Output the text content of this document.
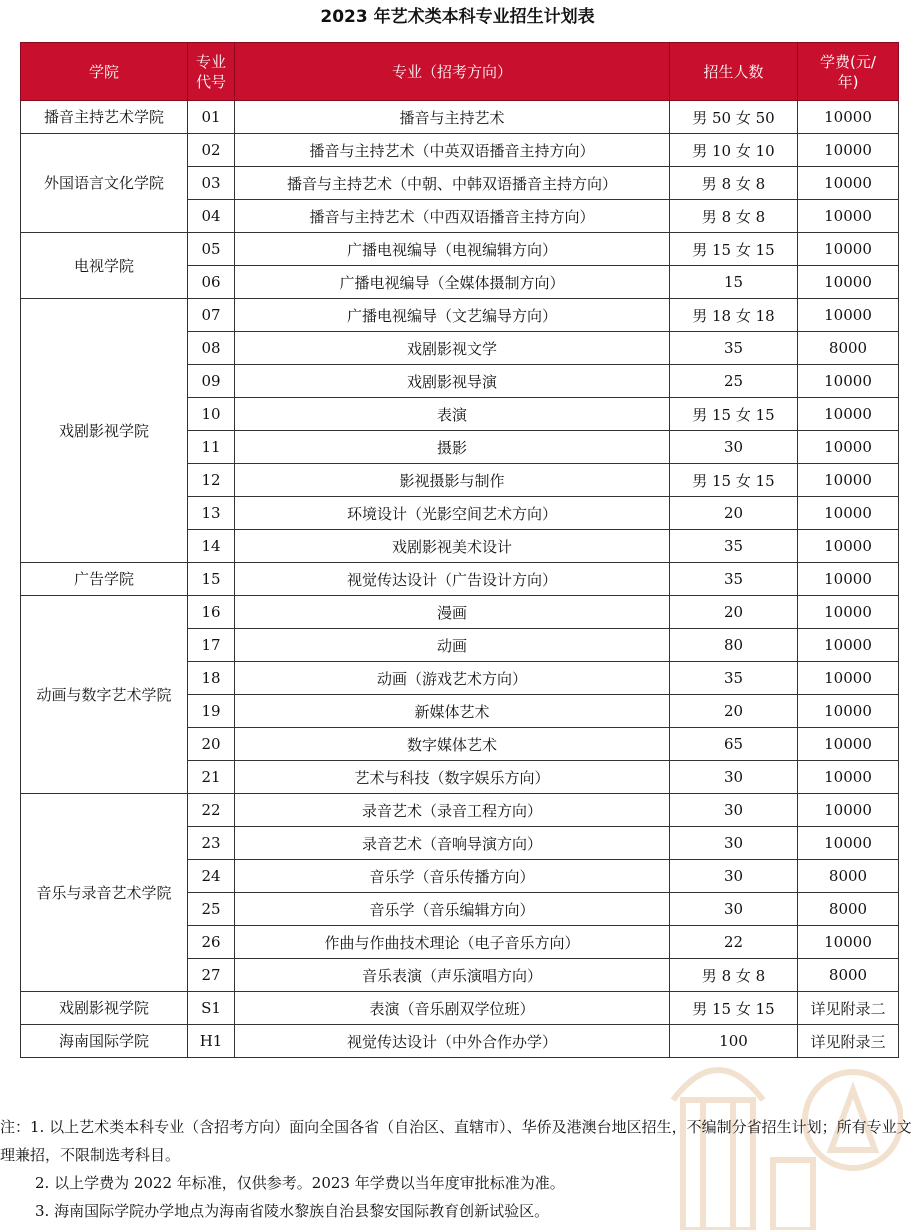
2023 年艺术类本科专业招生计划表
学院	专业代号	专业（招考方向）	招生人数	学费(元/年)
播音主持艺术学院	01	播音与主持艺术	男 50 女 50	10000
外国语言文化学院	02	播音与主持艺术（中英双语播音主持方向）	男 10 女 10	10000
	03	播音与主持艺术（中朝、中韩双语播音主持方向）	男 8 女 8	10000
	04	播音与主持艺术（中西双语播音主持方向）	男 8 女 8	10000
电视学院	05	广播电视编导（电视编辑方向）	男 15 女 15	10000
	06	广播电视编导（全媒体摄制方向）	15	10000
戏剧影视学院	07	广播电视编导（文艺编导方向）	男 18 女 18	10000
	08	戏剧影视文学	35	8000
	09	戏剧影视导演	25	10000
	10	表演	男 15 女 15	10000
	11	摄影	30	10000
	12	影视摄影与制作	男 15 女 15	10000
	13	环境设计（光影空间艺术方向）	20	10000
	14	戏剧影视美术设计	35	10000
广告学院	15	视觉传达设计（广告设计方向）	35	10000
动画与数字艺术学院	16	漫画	20	10000
	17	动画	80	10000
	18	动画（游戏艺术方向）	35	10000
	19	新媒体艺术	20	10000
	20	数字媒体艺术	65	10000
	21	艺术与科技（数字娱乐方向）	30	10000
音乐与录音艺术学院	22	录音艺术（录音工程方向）	30	10000
	23	录音艺术（音响导演方向）	30	10000
	24	音乐学（音乐传播方向）	30	8000
	25	音乐学（音乐编辑方向）	30	8000
	26	作曲与作曲技术理论（电子音乐方向）	22	10000
	27	音乐表演（声乐演唱方向）	男 8 女 8	8000
戏剧影视学院	S1	表演（音乐剧双学位班）	男 15 女 15	详见附录二
海南国际学院	H1	视觉传达设计（中外合作办学）	100	详见附录三

注：1. 以上艺术类本科专业（含招考方向）面向全国各省（自治区、直辖市）、华侨及港澳台地区招生，不编制分省招生计划；所有专业文理兼招，不限制选考科目。

2. 以上学费为 2022 年标准，仅供参考。2023 年学费以当年度审批标准为准。

3. 海南国际学院办学地点为海南省陵水黎族自治县黎安国际教育创新试验区。
